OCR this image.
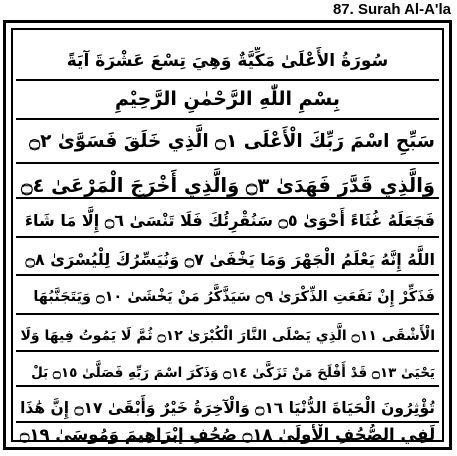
87. Surah Al-A'la
سُورَةُ الأَعْلَىٰ مَكِّيَّةٌ وَهِيَ تِسْعَ عَشْرَةَ آيَةً
بِسْمِ اللّٰهِ الرَّحْمٰنِ الرَّحِيْمِ
سَبِّحِ اسْمَ رَبِّكَ الْأَعْلَى ۝١ الَّذِي خَلَقَ فَسَوَّىٰ ۝٢
وَالَّذِي قَدَّرَ فَهَدَىٰ ۝٣ وَالَّذِي أَخْرَجَ الْمَرْعَىٰ ۝٤
فَجَعَلَهُ غُثَاءً أَحْوَىٰ ۝٥ سَنُقْرِئُكَ فَلَا تَنْسَىٰ ۝٦ إِلَّا مَا شَاءَ
اللَّهُ إِنَّهُ يَعْلَمُ الْجَهْرَ وَمَا يَخْفَىٰ ۝٧ وَنُيَسِّرُكَ لِلْيُسْرَىٰ ۝٨
فَذَكِّرْ إِنْ نَفَعَتِ الذِّكْرَىٰ ۝٩ سَيَذَّكَّرُ مَنْ يَخْشَىٰ ۝١٠ وَيَتَجَنَّبُهَا
الْأَشْقَى ۝١١ الَّذِي يَصْلَى النَّارَ الْكُبْرَىٰ ۝١٢ ثُمَّ لَا يَمُوتُ فِيهَا وَلَا
يَحْيَىٰ ۝١٣ قَدْ أَفْلَحَ مَنْ تَزَكَّىٰ ۝١٤ وَذَكَرَ اسْمَ رَبِّهِ فَصَلَّىٰ ۝١٥ بَلْ
تُؤْثِرُونَ الْحَيَاةَ الدُّنْيَا ۝١٦ وَالْآخِرَةُ خَيْرٌ وَأَبْقَىٰ ۝١٧ إِنَّ هَٰذَا
لَفِي الصُّحُفِ الْأُولَىٰ ۝١٨ صُحُفِ إِبْرَاهِيمَ وَمُوسَىٰ ۝١٩
